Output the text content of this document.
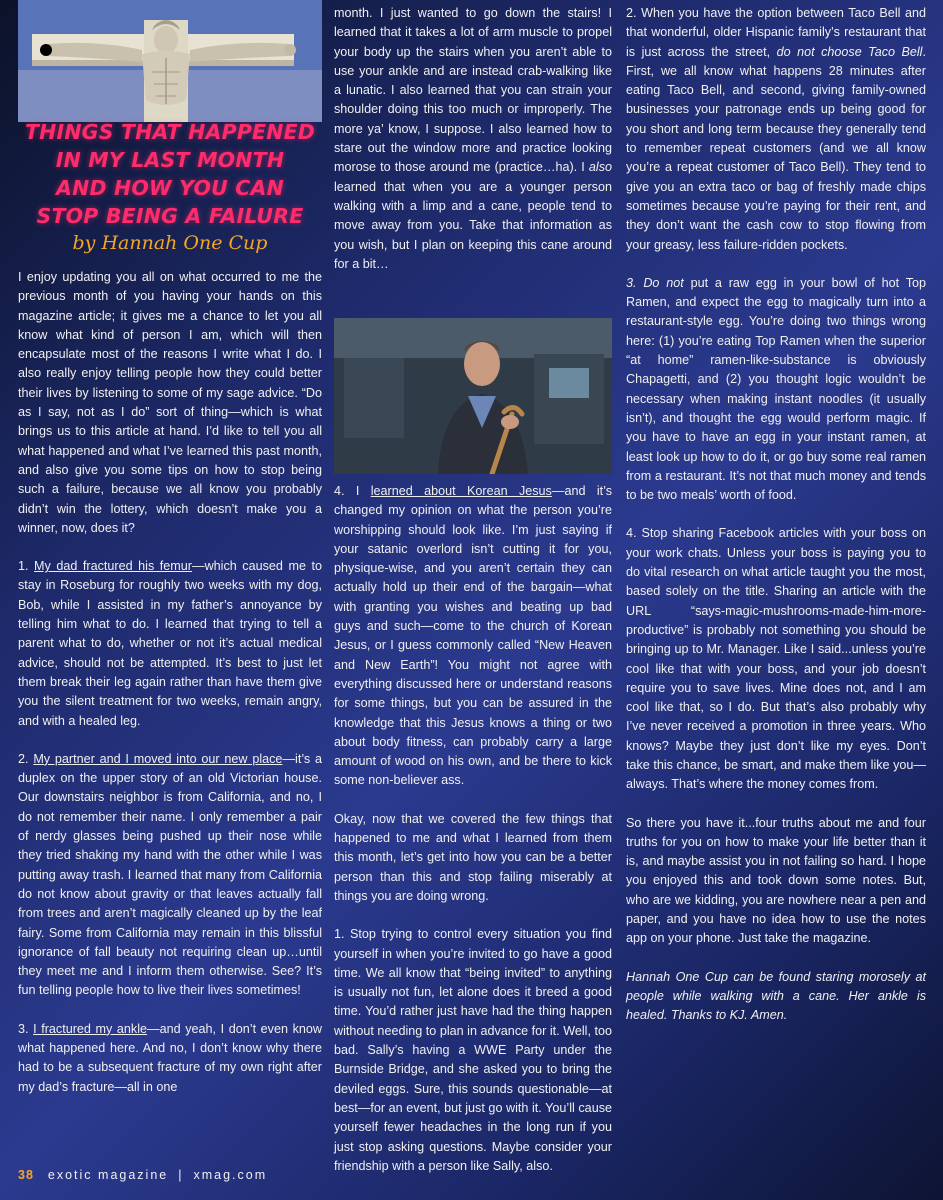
THINGS THAT HAPPENED
IN MY LAST MONTH
AND HOW YOU CAN
STOP BEING A FAILURE
by Hannah One Cup

I enjoy updating you all on what occurred to me the previous month of you having your hands on this magazine article; it gives me a chance to let you all know what kind of person I am, which will then encapsulate most of the reasons I write what I do. I also really enjoy telling people how they could better their lives by listening to some of my sage advice. “Do as I say, not as I do” sort of thing—which is what brings us to this article at hand. I’d like to tell you all what happened and what I’ve learned this past month, and also give you some tips on how to stop being such a failure, because we all know you probably didn’t win the lottery, which doesn’t make you a winner, now, does it?

1. My dad fractured his femur—which caused me to stay in Roseburg for roughly two weeks with my dog, Bob, while I assisted in my father’s annoyance by telling him what to do. I learned that trying to tell a parent what to do, whether or not it’s actual medical advice, should not be attempted. It’s best to just let them break their leg again rather than have them give you the silent treatment for two weeks, remain angry, and with a healed leg.

2. My partner and I moved into our new place—it’s a duplex on the upper story of an old Victorian house. Our downstairs neighbor is from California, and no, I do not remember their name. I only remember a pair of nerdy glasses being pushed up their nose while they tried shaking my hand with the other while I was putting away trash. I learned that many from California do not know about gravity or that leaves actually fall from trees and aren’t magically cleaned up by the leaf fairy. Some from California may remain in this blissful ignorance of fall beauty not requiring clean up…until they meet me and I inform them otherwise. See? It’s fun telling people how to live their lives sometimes!

3. I fractured my ankle—and yeah, I don’t even know what happened here. And no, I don’t know why there had to be a subsequent fracture of my own right after my dad’s fracture—all in one

month. I just wanted to go down the stairs! I learned that it takes a lot of arm muscle to propel your body up the stairs when you aren’t able to use your ankle and are instead crab-walking like a lunatic. I also learned that you can strain your shoulder doing this too much or improperly. The more ya’ know, I suppose. I also learned how to stare out the window more and practice looking morose to those around me (practice…ha). I also learned that when you are a younger person walking with a limp and a cane, people tend to move away from you. Take that information as you wish, but I plan on keeping this cane around for a bit…

4. I learned about Korean Jesus—and it’s changed my opinion on what the person you’re worshipping should look like. I’m just saying if your satanic overlord isn’t cutting it for you, physique-wise, and you aren’t certain they can actually hold up their end of the bargain—what with granting you wishes and beating up bad guys and such—come to the church of Korean Jesus, or I guess commonly called “New Heaven and New Earth”! You might not agree with everything discussed here or understand reasons for some things, but you can be assured in the knowledge that this Jesus knows a thing or two about body fitness, can probably carry a large amount of wood on his own, and be there to kick some non-believer ass.

Okay, now that we covered the few things that happened to me and what I learned from them this month, let’s get into how you can be a better person than this and stop failing miserably at things you are doing wrong.

1. Stop trying to control every situation you find yourself in when you’re invited to go have a good time. We all know that “being invited” to anything is usually not fun, let alone does it breed a good time. You’d rather just have had the thing happen without needing to plan in advance for it. Well, too bad. Sally’s having a WWE Party under the Burnside Bridge, and she asked you to bring the deviled eggs. Sure, this sounds questionable—at best—for an event, but just go with it. You’ll cause yourself fewer headaches in the long run if you just stop asking questions. Maybe consider your friendship with a person like Sally, also.

2. When you have the option between Taco Bell and that wonderful, older Hispanic family’s restaurant that is just across the street, do not choose Taco Bell. First, we all know what happens 28 minutes after eating Taco Bell, and second, giving family-owned businesses your patronage ends up being good for you short and long term because they generally tend to remember repeat customers (and we all know you’re a repeat customer of Taco Bell). They tend to give you an extra taco or bag of freshly made chips sometimes because you’re paying for their rent, and they don’t want the cash cow to stop flowing from your greasy, less failure-ridden pockets.

3. Do not put a raw egg in your bowl of hot Top Ramen, and expect the egg to magically turn into a restaurant-style egg. You’re doing two things wrong here: (1) you’re eating Top Ramen when the superior “at home” ramen-like-substance is obviously Chapagetti, and (2) you thought logic wouldn’t be necessary when making instant noodles (it usually isn’t), and thought the egg would perform magic. If you have to have an egg in your instant ramen, at least look up how to do it, or go buy some real ramen from a restaurant. It’s not that much money and tends to be two meals’ worth of food.

4. Stop sharing Facebook articles with your boss on your work chats. Unless your boss is paying you to do vital research on what article taught you the most, based solely on the title. Sharing an article with the URL “says-magic-mushrooms-made-him-more-productive” is probably not something you should be bringing up to Mr. Manager. Like I said...unless you’re cool like that with your boss, and your job doesn’t require you to save lives. Mine does not, and I am cool like that, so I do. But that’s also probably why I’ve never received a promotion in three years. Who knows? Maybe they just don’t like my eyes. Don’t take this chance, be smart, and make them like you—always. That’s where the money comes from.

So there you have it...four truths about me and four truths for you on how to make your life better than it is, and maybe assist you in not failing so hard. I hope you enjoyed this and took down some notes. But, who are we kidding, you are nowhere near a pen and paper, and you have no idea how to use the notes app on your phone. Just take the magazine.

Hannah One Cup can be found staring morosely at people while walking with a cane. Her ankle is healed. Thanks to KJ. Amen.

38 exotic magazine | xmag.com
